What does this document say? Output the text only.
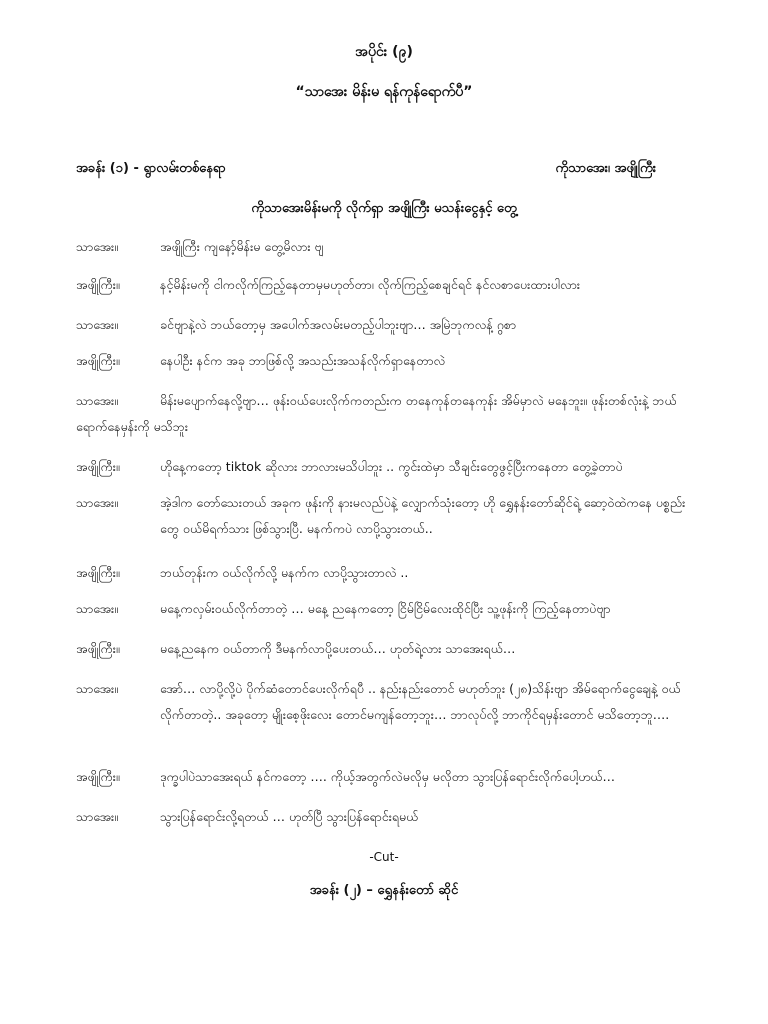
အပိုင်း (၉)
“သာအေး မိန်းမ ရန်ကုန်ရောက်ပီ”
အခန်း (၁) - ရွာလမ်းတစ်နေရာ	ကိုသာအေး၊ အဖျိုကြီး
ကိုသာအေးမိန်းမကို လိုက်ရှာ အဖျိုကြီး မသန်းငွေနှင့် တွေ့
သာအေး။	အဖျိုကြီး ကျနော့်မိန်းမ တွေ့မိလား ဗျ
အဖျိုကြီး။	နင့်မိန်းမကို ငါကလိုက်ကြည့်နေတာမှမဟုတ်တာ၊ လိုက်ကြည့်စေချင်ရင် နင်လစာပေးထားပါလား
သာအေး။	ခင်ဗျာနဲ့လဲ ဘယ်တော့မှ အပေါက်အလမ်းမတည့်ပါဘူးဗျာ… အမြဲဘုကလန့် ဂွစာ
အဖျိုကြီး။	နေပါဦး နင်က အခု ဘာဖြစ်လို့ အသည်းအသန်လိုက်ရှာနေတာလဲ
သာအေး။	မိန်းမပျောက်နေလို့ဗျာ… ဖုန်းဝယ်ပေးလိုက်ကတည်းက တနေကုန်တနေကုန်း အိမ်မှာလဲ မနေဘူး။ ဖုန်းတစ်လုံးနဲ့ ဘယ်ရောက်နေမှန်းကို မသိဘူး
အဖျိုကြီး။	ဟိုနေ့ကတော့ tiktok ဆိုလား ဘာလားမသိပါဘူး .. ကွင်းထဲမှာ သီချင်းတွေဖွင့်ပြီးကနေတာ တွေ့ခဲ့တာပဲ
သာအေး။	အဲ့ဒါက တော်သေးတယ် အခုက ဖုန်းကို နားမလည်ပဲနဲ့ လျှောက်သုံးတော့ ဟို ရွှေနန်းတော်ဆိုင်ရဲ့ ဆော့ဝဲထဲကနေ ပစ္စည်းတွေ ဝယ်မိရက်သား ဖြစ်သွားပြီ. မနက်ကပဲ လာပို့သွားတယ်..
အဖျိုကြီး။	ဘယ်တုန်းက ဝယ်လိုက်လို့ မနက်က လာပို့သွားတာလဲ ..
သာအေး။	မနေ့ကလှမ်းဝယ်လိုက်တာတဲ့ … မနေ့ ညနေကတော့ ငြိမ်ငြိမ်လေးထိုင်ပြီး သူ့ဖုန်းကို ကြည့်နေတာပဲဗျာ
အဖျိုကြီး။	မနေ့ညနေက ဝယ်တာကို ဒီမနက်လာပို့ပေးတယ်… ဟုတ်ရဲ့လား သာအေးရယ်…
သာအေး။	အော်… လာပို့လို့ပဲ ပိုက်ဆံတောင်ပေးလိုက်ရပီ .. နည်းနည်းတောင် မဟုတ်ဘူး (၂၈)သိန်းဗျာ အိမ်ရောက်ငွေချေနဲ့ ဝယ်လိုက်တာတဲ့.. အခုတော့ မျိုးစေ့ဖိုးလေး တောင်မကျန်တော့ဘူး… ဘာလုပ်လို့ ဘာကိုင်ရမှန်းတောင် မသိတော့ဘူ….
အဖျိုကြီး။	ဒုက္ခပါပဲသာအေးရယ် နင်ကတော့ …. ကိုယ့်အတွက်လဲမလိုမှ မလိုတာ သွားပြန်ရောင်းလိုက်ပေါ့ဟယ်…
သာအေး။	သွားပြန်ရောင်းလို့ရတယ် … ဟုတ်ပြီ သွားပြန်ရောင်းရမယ်
-Cut-
အခန်း (၂) – ရွှေနန်းတော် ဆိုင်
